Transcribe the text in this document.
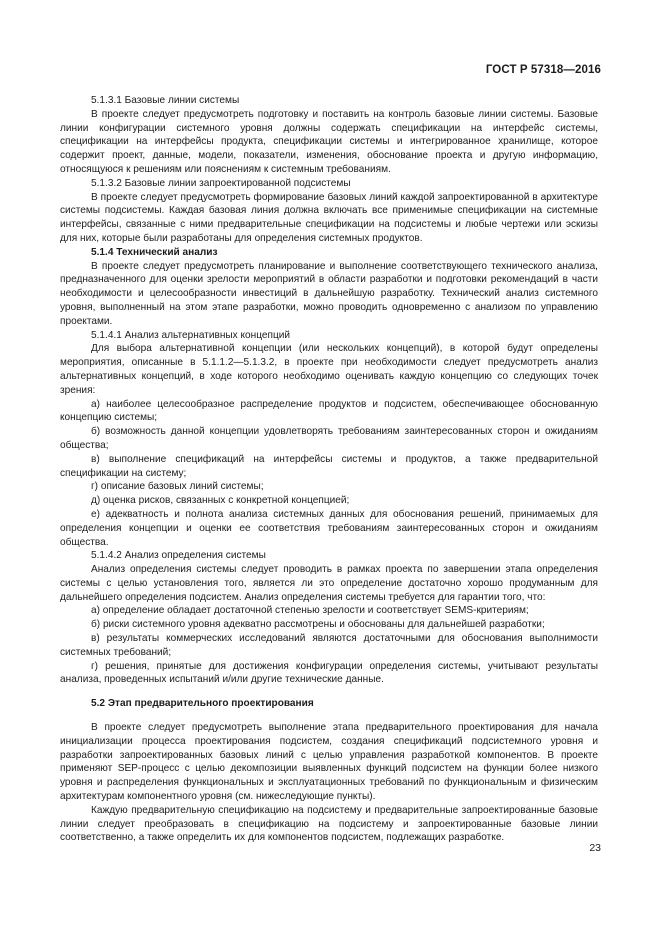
ГОСТ Р 57318—2016

5.1.3.1 Базовые линии системы

В проекте следует предусмотреть подготовку и поставить на контроль базовые линии системы. Базовые линии конфигурации системного уровня должны содержать спецификации на интерфейс системы, спецификации на интерфейсы продукта, спецификации системы и интегрированное хранилище, которое содержит проект, данные, модели, показатели, изменения, обоснование проекта и другую информацию, относящуюся к решениям или пояснениям к системным требованиям.

5.1.3.2 Базовые линии запроектированной подсистемы

В проекте следует предусмотреть формирование базовых линий каждой запроектированной в архитектуре системы подсистемы. Каждая базовая линия должна включать все применимые спецификации на системные интерфейсы, связанные с ними предварительные спецификации на подсистемы и любые чертежи или эскизы для них, которые были разработаны для определения системных продуктов.

5.1.4 Технический анализ

В проекте следует предусмотреть планирование и выполнение соответствующего технического анализа, предназначенного для оценки зрелости мероприятий в области разработки и подготовки рекомендаций в части необходимости и целесообразности инвестиций в дальнейшую разработку. Технический анализ системного уровня, выполненный на этом этапе разработки, можно проводить одновременно с анализом по управлению проектами.

5.1.4.1 Анализ альтернативных концепций

Для выбора альтернативной концепции (или нескольких концепций), в которой будут определены мероприятия, описанные в 5.1.1.2—5.1.3.2, в проекте при необходимости следует предусмотреть анализ альтернативных концепций, в ходе которого необходимо оценивать каждую концепцию со следующих точек зрения:

а) наиболее целесообразное распределение продуктов и подсистем, обеспечивающее обоснованную концепцию системы;

б) возможность данной концепции удовлетворять требованиям заинтересованных сторон и ожиданиям общества;

в) выполнение спецификаций на интерфейсы системы и продуктов, а также предварительной спецификации на систему;

г) описание базовых линий системы;

д) оценка рисков, связанных с конкретной концепцией;

е) адекватность и полнота анализа системных данных для обоснования решений, принимаемых для определения концепции и оценки ее соответствия требованиям заинтересованных сторон и ожиданиям общества.

5.1.4.2 Анализ определения системы

Анализ определения системы следует проводить в рамках проекта по завершении этапа определения системы с целью установления того, является ли это определение достаточно хорошо продуманным для дальнейшего определения подсистем. Анализ определения системы требуется для гарантии того, что:

а) определение обладает достаточной степенью зрелости и соответствует SEMS-критериям;

б) риски системного уровня адекватно рассмотрены и обоснованы для дальнейшей разработки;

в) результаты коммерческих исследований являются достаточными для обоснования выполнимости системных требований;

г) решения, принятые для достижения конфигурации определения системы, учитывают результаты анализа, проведенных испытаний и/или другие технические данные.

5.2 Этап предварительного проектирования

В проекте следует предусмотреть выполнение этапа предварительного проектирования для начала инициализации процесса проектирования подсистем, создания спецификаций подсистемного уровня и разработки запроектированных базовых линий с целью управления разработкой компонентов. В проекте применяют SEP-процесс с целью декомпозиции выявленных функций подсистем на функции более низкого уровня и распределения функциональных и эксплуатационных требований по функциональным и физическим архитектурам компонентного уровня (см. нижеследующие пункты).

Каждую предварительную спецификацию на подсистему и предварительные запроектированные базовые линии следует преобразовать в спецификацию на подсистему и запроектированные базовые линии соответственно, а также определить их для компонентов подсистем, подлежащих разработке.

23
